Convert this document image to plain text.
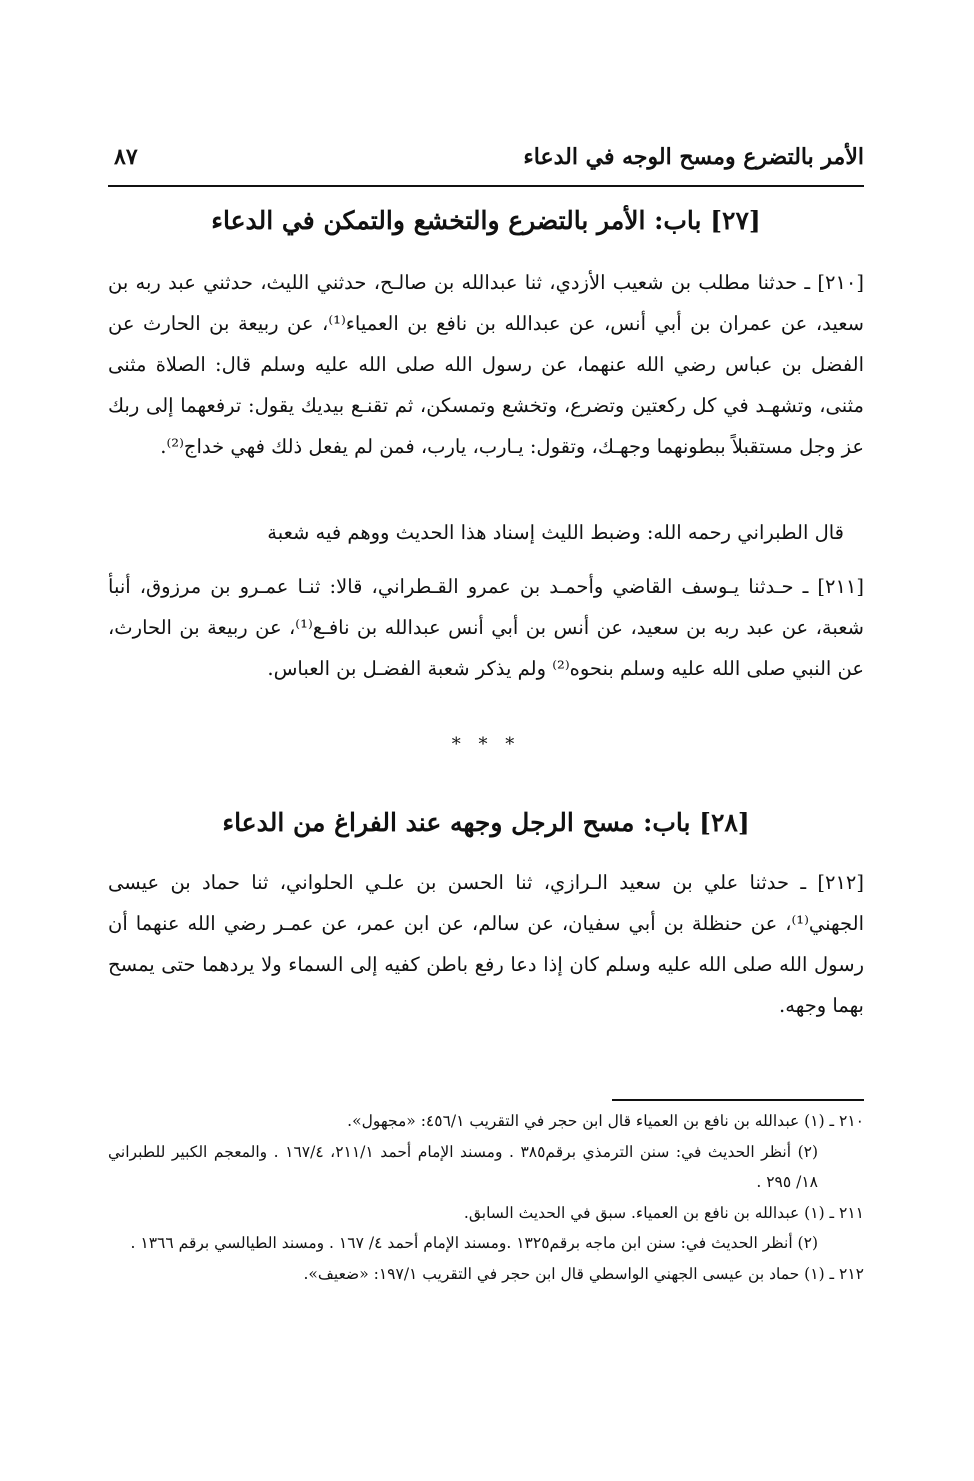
الأمر بالتضرع ومسح الوجه في الدعاء
٨٧
[٢٧] باب: الأمر بالتضرع والتخشع والتمكن في الدعاء

[٢١٠] ـ حدثنا مطلب بن شعيب الأزدي، ثنا عبدالله بن صالـح، حدثني الليث، حدثني عبد ربه بن سعيد، عن عمران بن أبي أنس، عن عبدالله بن نافع بن العمياء⁽¹⁾، عن ربيعة بن الحارث عن الفضل بن عباس رضي الله عنهما، عن رسول الله صلى الله عليه وسلم قال: الصلاة مثنى مثنى، وتشهـد في كل ركعتين وتضرع، وتخشع وتمسكن، ثم تقنـع بيديك يقول: ترفعهما إلى ربك عز وجل مستقبلاً ببطونهما وجهـك، وتقول: يـارب، يارب، فمن لم يفعل ذلك فهي خداج⁽²⁾.

قال الطبراني رحمه الله: وضبط الليث إسناد هذا الحديث ووهم فيه شعبة

[٢١١] ـ حـدثنا يـوسف القاضي وأحمـد بن عمرو القـطراني، قالا: ثنـا عمـرو بن مرزوق، أنبأ شعبة، عن عبد ربه بن سعيد، عن أنس بن أبي أنس عبدالله بن نافـع⁽¹⁾، عن ربيعة بن الحارث، عن النبي صلى الله عليه وسلم بنحوه⁽²⁾ ولم يذكر شعبة الفضـل بن العباس.

* * *
[٢٨] باب: مسح الرجل وجهه عند الفراغ من الدعاء

[٢١٢] ـ حدثنا علي بن سعيد الـرازي، ثنا الحسن بن علـي الحلواني، ثنا حماد بن عيسى الجهني⁽¹⁾، عن حنظلة بن أبي سفيان، عن سالم، عن ابن عمر، عن عمـر رضي الله عنهما أن رسول الله صلى الله عليه وسلم كان إذا دعا رفع باطن كفيه إلى السماء ولا يردهما حتى يمسح بهما وجهه.

٢١٠ ـ (١) عبدالله بن نافع بن العمياء قال ابن حجر في التقريب ٤٥٦/١: «مجهول».

(٢) أنظر الحديث في: سنن الترمذي برقم٣٨٥ . ومسند الإمام أحمد ٢١١/١، ١٦٧/٤ . والمعجم الكبير للطبراني ١٨/ ٢٩٥ .

٢١١ ـ (١) عبدالله بن نافع بن العمياء. سبق في الحديث السابق.

(٢) أنظر الحديث في: سنن ابن ماجه برقم١٣٢٥ .ومسند الإمام أحمد ٤/ ١٦٧ . ومسند الطيالسي برقم ١٣٦٦ .

٢١٢ ـ (١) حماد بن عيسى الجهني الواسطي قال ابن حجر في التقريب ١٩٧/١: «ضعيف».
